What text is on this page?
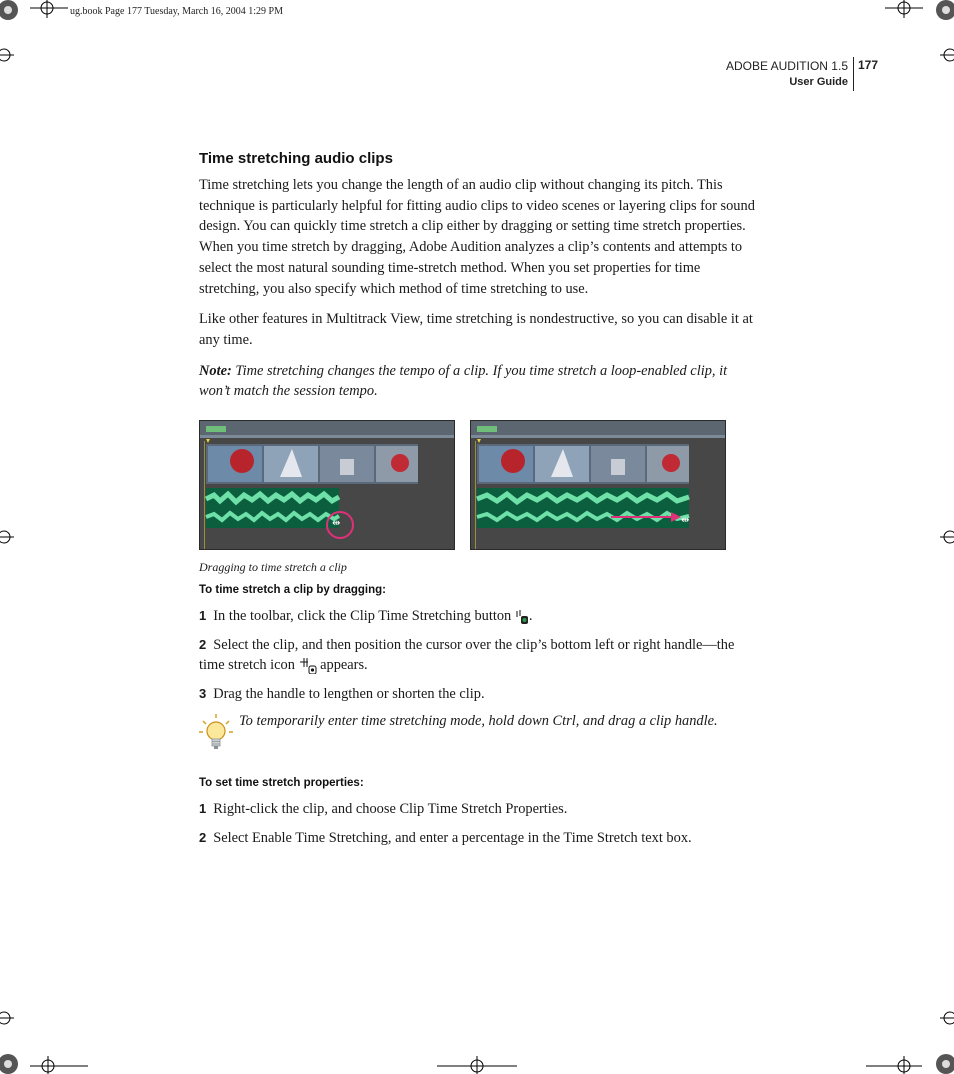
ug.book Page 177 Tuesday, March 16, 2004 1:29 PM
ADOBE AUDITION 1.5
User Guide
177
Time stretching audio clips

Time stretching lets you change the length of an audio clip without changing its pitch. This technique is particularly helpful for fitting audio clips to video scenes or layering clips for sound design. You can quickly time stretch a clip either by dragging or setting time stretch properties. When you time stretch by dragging, Adobe Audition analyzes a clip’s contents and attempts to select the most natural sounding time-stretch method. When you set properties for time stretching, you also specify which method of time stretching to use.

Like other features in Multitrack View, time stretching is nondestructive, so you can disable it at any time.

Note: Time stretching changes the tempo of a clip. If you time stretch a loop-enabled clip, it won’t match the session tempo.

⇹	⇹
Dragging to time stretch a clip
To time stretch a clip by dragging:
1 In the toolbar, click the Clip Time Stretching button .
2 Select the clip, and then position the cursor over the clip’s bottom left or right handle—the time stretch icon  appears.
3 Drag the handle to lengthen or shorten the clip.
To temporarily enter time stretching mode, hold down Ctrl, and drag a clip handle.
To set time stretch properties:
1 Right-click the clip, and choose Clip Time Stretch Properties.
2 Select Enable Time Stretching, and enter a percentage in the Time Stretch text box.
